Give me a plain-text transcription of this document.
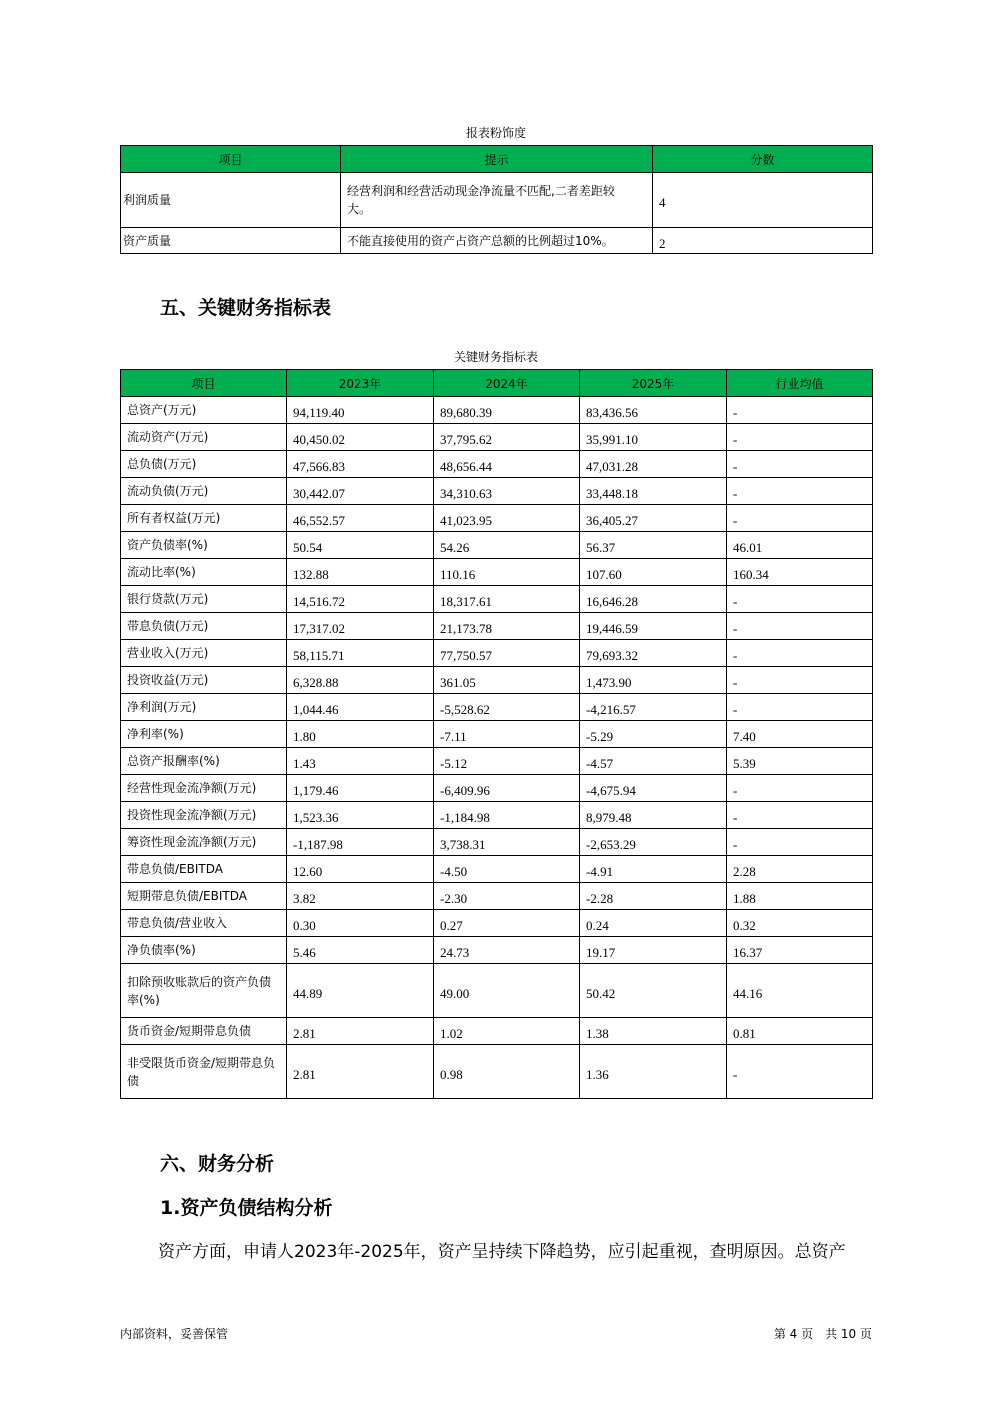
报表粉饰度
项目	提示	分数
利润质量	经营利润和经营活动现金净流量不匹配,二者差距较大。	4
资产质量	不能直接使用的资产占资产总额的比例超过10%。	2
五、关键财务指标表
关键财务指标表
项目	2023年	2024年	2025年	行业均值
总资产(万元)	94,119.40	89,680.39	83,436.56	-
流动资产(万元)	40,450.02	37,795.62	35,991.10	-
总负债(万元)	47,566.83	48,656.44	47,031.28	-
流动负债(万元)	30,442.07	34,310.63	33,448.18	-
所有者权益(万元)	46,552.57	41,023.95	36,405.27	-
资产负债率(%)	50.54	54.26	56.37	46.01
流动比率(%)	132.88	110.16	107.60	160.34
银行贷款(万元)	14,516.72	18,317.61	16,646.28	-
带息负债(万元)	17,317.02	21,173.78	19,446.59	-
营业收入(万元)	58,115.71	77,750.57	79,693.32	-
投资收益(万元)	6,328.88	361.05	1,473.90	-
净利润(万元)	1,044.46	-5,528.62	-4,216.57	-
净利率(%)	1.80	-7.11	-5.29	7.40
总资产报酬率(%)	1.43	-5.12	-4.57	5.39
经营性现金流净额(万元)	1,179.46	-6,409.96	-4,675.94	-
投资性现金流净额(万元)	1,523.36	-1,184.98	8,979.48	-
筹资性现金流净额(万元)	-1,187.98	3,738.31	-2,653.29	-
带息负债/EBITDA	12.60	-4.50	-4.91	2.28
短期带息负债/EBITDA	3.82	-2.30	-2.28	1.88
带息负债/营业收入	0.30	0.27	0.24	0.32
净负债率(%)	5.46	24.73	19.17	16.37
扣除预收账款后的资产负债率(%)	44.89	49.00	50.42	44.16
货币资金/短期带息负债	2.81	1.02	1.38	0.81
非受限货币资金/短期带息负债	2.81	0.98	1.36	-
六、财务分析
1.资产负债结构分析
资产方面，申请人2023年-2025年，资产呈持续下降趋势，应引起重视，查明原因。总资产
内部资料，妥善保管	第 4 页　共 10 页
